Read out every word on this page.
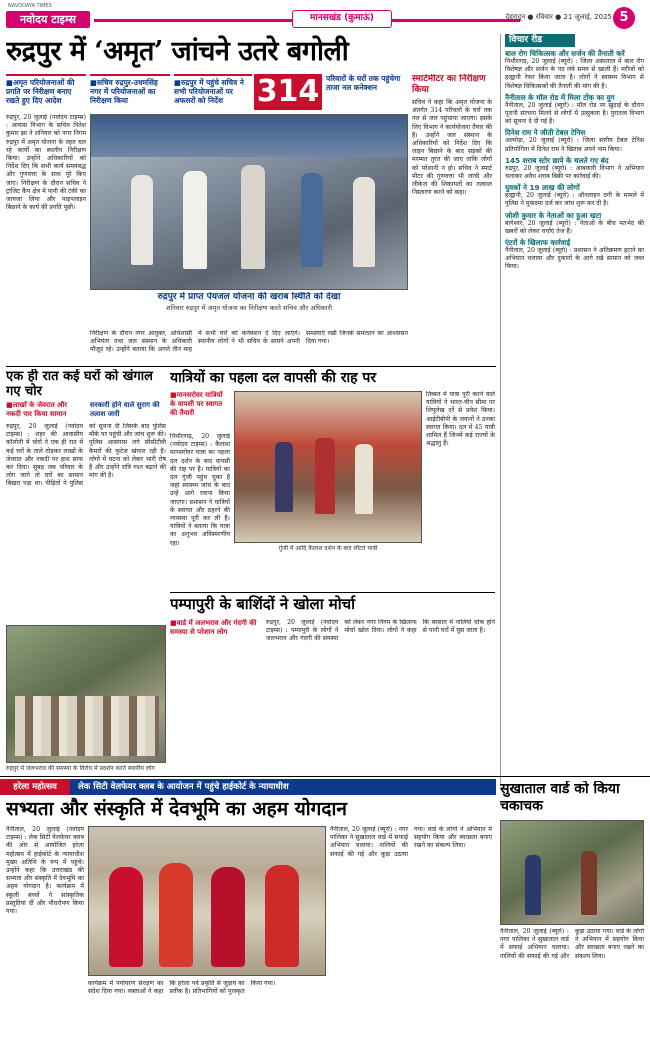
NAVODAYA TIMES
नवोदय टाइम्स	मानसखंड (कुमाऊं)	देहरादून ● रविवार ● 21 जुलाई, 2025 5
रुद्रपुर में ‘अमृत’ जांचने उतरे बगोली
■अमृत परियोजनाओं की प्रगति पर निरीक्षण बनाए रखते हुए दिए आदेश
■सचिव रुद्रपुर-उधमसिंह नगर में परियोजनाओं का निरीक्षण किया
■रुद्रपुर में पहुंचे सचिव ने सभी परियोजनाओं पर अफसरों को निर्देश	314 परिवारों के घरों तक पहुंचेगा ताजा नल कनेक्शन
रुद्रपुर, 20 जुलाई (नवोदय टाइम्स) : आवास विभाग के सचिव नितेश कुमार झा ने शनिवार को नगर निगम रुद्रपुर में अमृत योजना के तहत चल रहे कार्यों का स्थलीय निरीक्षण किया। उन्होंने अधिकारियों को निर्देश दिए कि सभी कार्य समयबद्ध और गुणवत्ता के साथ पूरे किए जाएं। निरीक्षण के दौरान सचिव ने ट्रांजिट कैंप क्षेत्र में पानी की टंकी का जायजा लिया और पाइपलाइन बिछाने के कार्य की प्रगति पूछी।
स्मार्टमीटर का निरीक्षण किया
सचिव ने कहा कि अमृत योजना के अंतर्गत 314 परिवारों के घरों तक नल से जल पहुंचाया जाएगा। इसके लिए विभाग ने कार्ययोजना तैयार की है। उन्होंने जल संस्थान के अधिकारियों को निर्देश दिए कि लाइन बिछाने के बाद सड़कों की मरम्मत तुरंत की जाए ताकि लोगों को परेशानी न हो। सचिव ने स्मार्ट मीटर की गुणवत्ता भी जांची और लीकेज की शिकायतों का तत्काल निस्तारण करने को कहा।
रुद्रपुर में प्राप्त पेयजल योजना की खराब स्थिति को देखा
शनिवार रुद्रपुर में अमृत योजना का निरीक्षण करते सचिव और अधिकारी
निरीक्षण के दौरान नगर आयुक्त, अधिशासी अभियंता तथा जल संस्थान के अधिकारी मौजूद रहे। उन्होंने बताया कि अगले तीन माह में सभी घरों को कनेक्शन दे दिए जाएंगे। स्थानीय लोगों ने भी सचिव के सामने अपनी समस्याएं रखीं जिनके समाधान का आश्वासन दिया गया।
एक ही रात कई घरों को खंगाल गए चोर
■लाखों के जेवरात और नकदी पार किया सामान
सरकारी होने वाले सुराग की तलाश जारी
रुद्रपुर, 20 जुलाई (नवोदय टाइम्स) : शहर की आवासीय कॉलोनी में चोरों ने एक ही रात में कई घरों के ताले तोड़कर लाखों के जेवरात और नकदी पर हाथ साफ कर दिया। सुबह जब परिवार के लोग जागे तो घरों का सामान बिखरा पड़ा था। पीड़ितों ने पुलिस को सूचना दी जिसके बाद पुलिस मौके पर पहुंची और जांच शुरू की। पुलिस आसपास लगे सीसीटीवी कैमरों की फुटेज खंगाल रही है। लोगों में घटना को लेकर भारी रोष है और उन्होंने रात्रि गश्त बढ़ाने की मांग की है।
यात्रियों का पहला दल वापसी की राह पर
■मानसरोवर यात्रियों के वापसी पर स्वागत की तैयारी
पिथौरागढ़, 20 जुलाई (नवोदय टाइम्स) : कैलाश मानसरोवर यात्रा का पहला दल दर्शन के बाद वापसी की राह पर है। यात्रियों का दल गुंजी पहुंच चुका है जहां स्वास्थ्य जांच के बाद उन्हें आगे रवाना किया जाएगा। प्रशासन ने यात्रियों के स्वागत और ठहरने की व्यवस्था पूरी कर ली है। यात्रियों ने बताया कि यात्रा का अनुभव अविस्मरणीय रहा।
गुंजी में आदि कैलाश दर्शन के बाद लौटते यात्री
तिब्बत में यात्रा पूरी करने वाले यात्रियों ने भारत-चीन सीमा पर लिपुलेख दर्रे से प्रवेश किया। आईटीबीपी के जवानों ने उनका स्वागत किया। दल में 45 यात्री शामिल हैं जिनमें कई राज्यों के श्रद्धालु हैं।
पम्पापुरी के बाशिंदों ने खोला मोर्चा
■वार्ड में जलभराव और गंदगी की समस्या से परेशान लोग
रुद्रपुर, 20 जुलाई (नवोदय टाइम्स) : पम्पापुरी के लोगों ने जलभराव और गंदगी की समस्या को लेकर नगर निगम के खिलाफ मोर्चा खोल दिया। लोगों ने कहा कि बरसात में नालियां चोक होने से पानी घरों में घुस जाता है।
रुद्रपुर में जलभराव की समस्या के विरोध में प्रदर्शन करते स्थानीय लोग
विचार रीड
बाल रोग चिकित्सक और सर्जन की तैनाती करें
पिथौरागढ़, 20 जुलाई (ब्यूरो) : जिला अस्पताल में बाल रोग विशेषज्ञ और सर्जन के पद लंबे समय से खाली हैं। मरीजों को हल्द्वानी रेफर किया जाता है। लोगों ने स्वास्थ्य विभाग से विशेषज्ञ चिकित्सकों की तैनाती की मांग की है।
नैनीताल के मॉल रोड में मिला टोंक का युग
नैनीताल, 20 जुलाई (ब्यूरो) : मॉल रोड पर खुदाई के दौरान पुरानी संरचना मिलने से लोगों में उत्सुकता है। पुरातत्व विभाग को सूचना दे दी गई है।
दिनेश राम ने जीती टेबल टेनिस
अल्मोड़ा, 20 जुलाई (ब्यूरो) : जिला स्तरीय टेबल टेनिस प्रतियोगिता में दिनेश राम ने खिताब अपने नाम किया।
145 शराब स्टोर छापे के चलते गए बंद
रुद्रपुर, 20 जुलाई (ब्यूरो) : आबकारी विभाग ने अभियान चलाकर अवैध शराब बिक्री पर कार्रवाई की।
युवकों ने 19 लाख की लोगों
हल्द्वानी, 20 जुलाई (ब्यूरो) : ऑनलाइन ठगी के मामले में पुलिस ने मुकदमा दर्ज कर जांच शुरू कर दी है।
जोशी कुमार के नेताओं का हुआ खटा
बागेश्वर, 20 जुलाई (ब्यूरो) : नेताओं के बीच मतभेद की खबरों को लेकर चर्चाएं तेज हैं।
एंटरों के खिलाफ कार्रवाई
नैनीताल, 20 जुलाई (ब्यूरो) : प्रशासन ने अतिक्रमण हटाने का अभियान चलाया और दुकानों के आगे रखे सामान को जब्त किया।
हरेला महोत्सव	लेक सिटी वेलफेयर क्लब के आयोजन में पहुंचे हाईकोर्ट के न्यायाधीश
सभ्यता और संस्कृति में देवभूमि का अहम योगदान
नैनीताल, 20 जुलाई (नवोदय टाइम्स) : लेक सिटी वेलफेयर क्लब की ओर से आयोजित हरेला महोत्सव में हाईकोर्ट के न्यायाधीश मुख्य अतिथि के रूप में पहुंचे। उन्होंने कहा कि उत्तराखंड की सभ्यता और संस्कृति में देवभूमि का अहम योगदान है। कार्यक्रम में स्कूली बच्चों ने सांस्कृतिक प्रस्तुतियां दीं और पौधरोपण किया गया।
कार्यक्रम में पर्यावरण संरक्षण का संदेश दिया गया। वक्ताओं ने कहा कि हरेला पर्व प्रकृति से जुड़ाव का प्रतीक है। प्रतिभागियों को पुरस्कृत किया गया।
नैनीताल, 20 जुलाई (ब्यूरो) : नगर पालिका ने सुखाताल वार्ड में सफाई अभियान चलाया। नालियों की सफाई की गई और कूड़ा उठाया गया। वार्ड के लोगों ने अभियान में सहयोग किया और स्वच्छता बनाए रखने का संकल्प लिया।
सुखाताल वार्ड को किया चकाचक
नैनीताल, 20 जुलाई (ब्यूरो) : नगर पालिका ने सुखाताल वार्ड में सफाई अभियान चलाया। नालियों की सफाई की गई और कूड़ा उठाया गया। वार्ड के लोगों ने अभियान में सहयोग किया और स्वच्छता बनाए रखने का संकल्प लिया।
